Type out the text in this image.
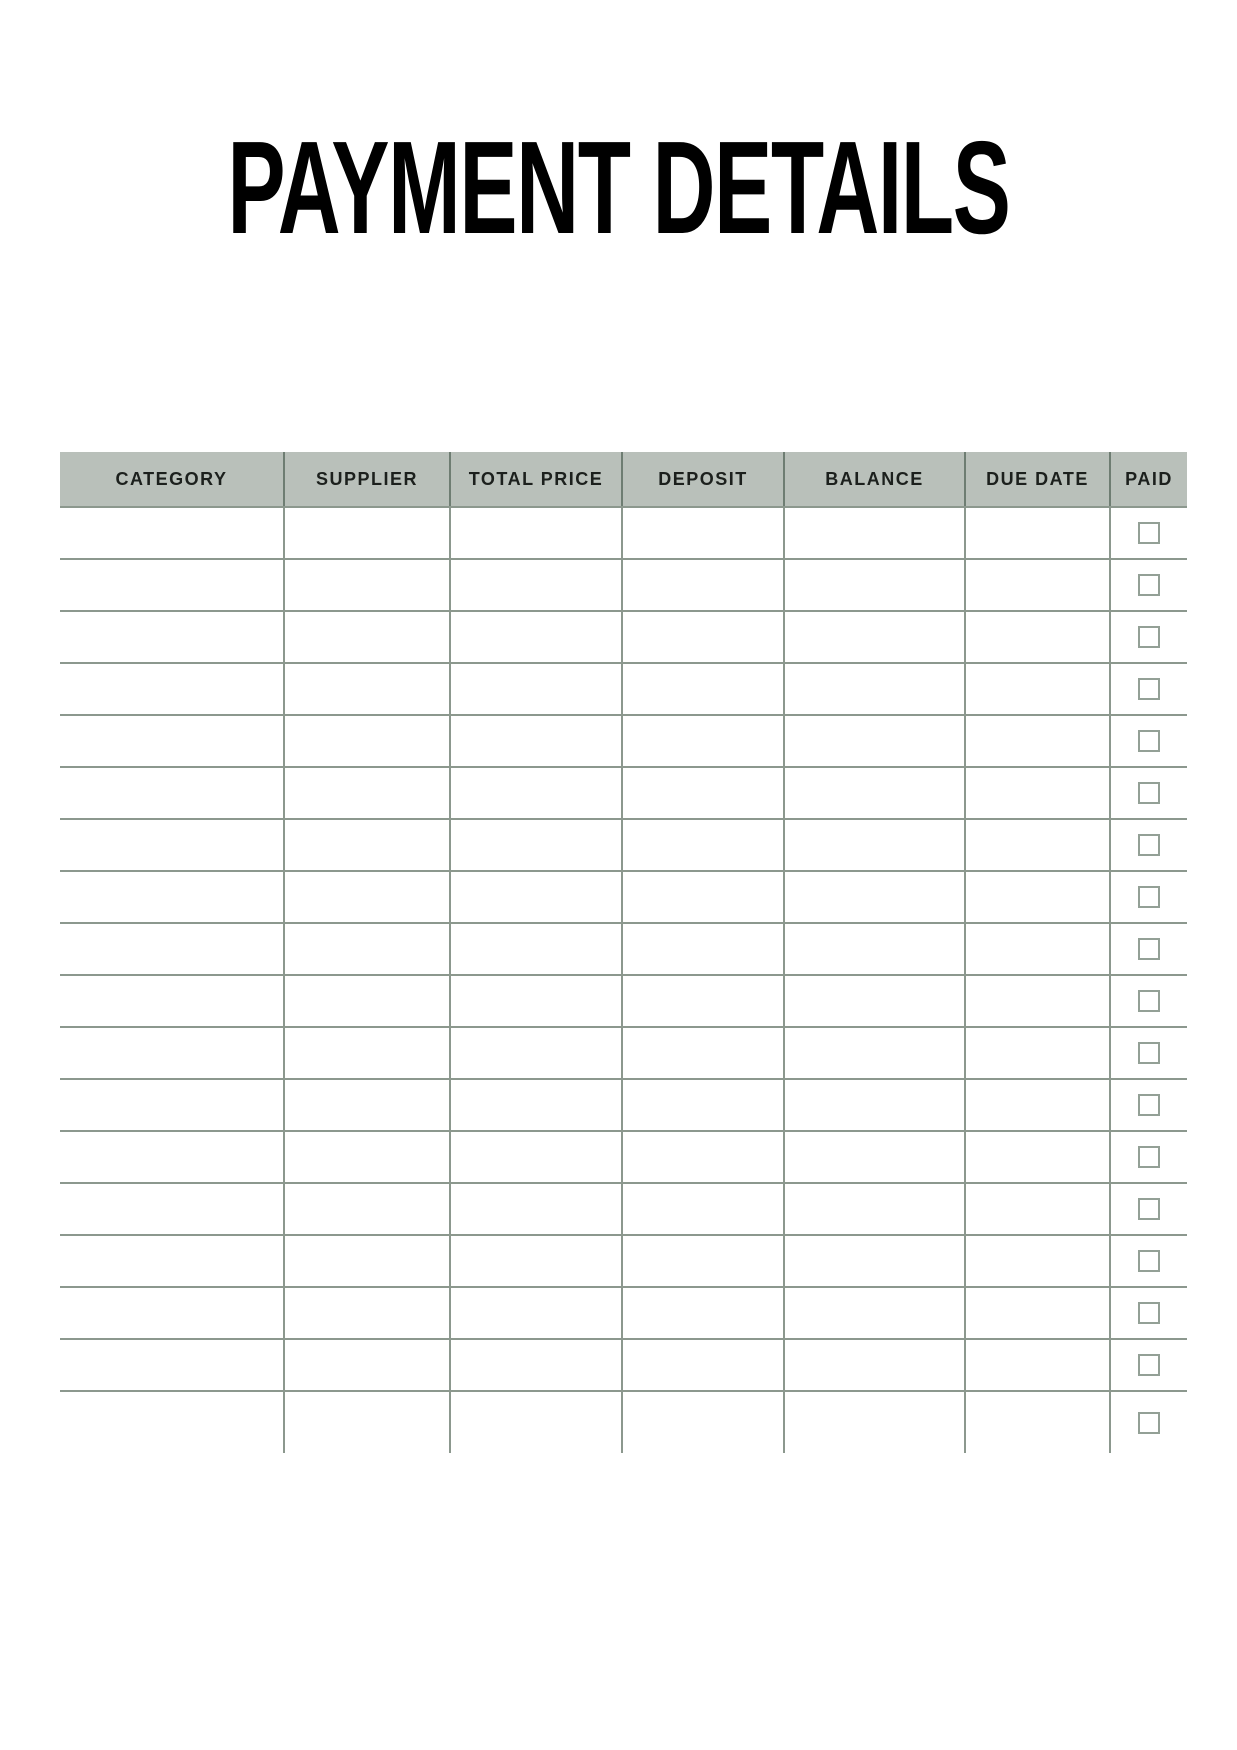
PAYMENT DETAILS
CATEGORY	SUPPLIER	TOTAL PRICE	DEPOSIT	BALANCE	DUE DATE	PAID
